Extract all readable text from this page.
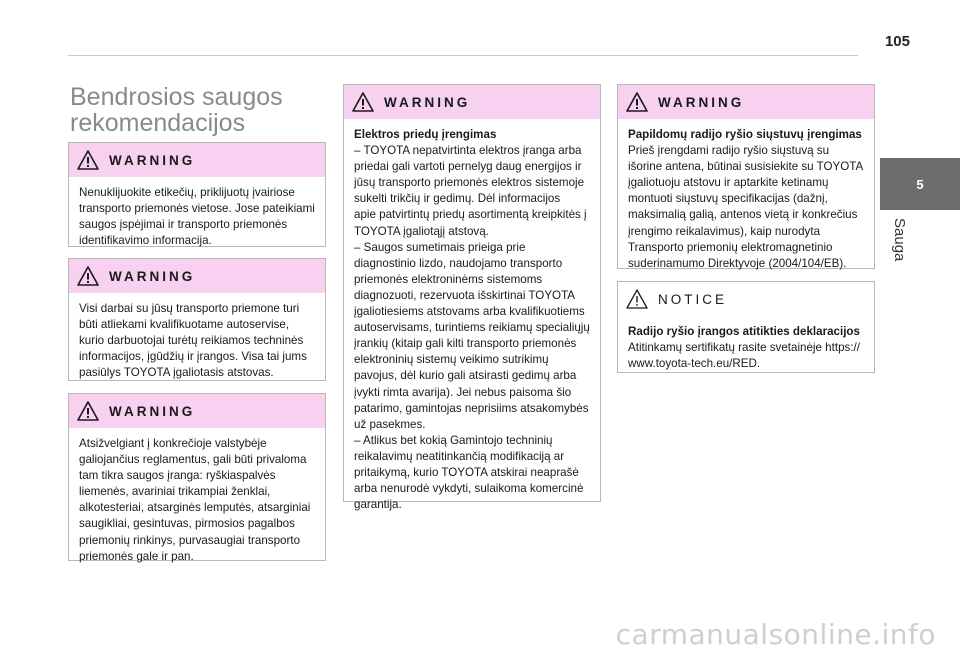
105
5
Sauga
Bendrosios saugos
rekomendacijos
WARNING

Nenuklijuokite etikečių, priklijuotų įvairiose
transporto priemonės vietose. Jose pateikiami
saugos įspėjimai ir transporto priemonės
identifikavimo informacija.

WARNING

Visi darbai su jūsų transporto priemone turi
būti atliekami kvalifikuotame autoservise,
kurio darbuotojai turėtų reikiamos techninės
informacijos, įgūdžių ir įrangos. Visa tai jums
pasiūlys TOYOTA įgaliotasis atstovas.

WARNING

Atsižvelgiant į konkrečioje valstybėje
galiojančius reglamentus, gali būti privaloma
tam tikra saugos įranga: ryškiaspalvės
liemenės, avariniai trikampiai ženklai,
alkotesteriai, atsarginės lemputės, atsarginiai
saugikliai, gesintuvas, pirmosios pagalbos
priemonių rinkinys, purvasaugiai transporto
priemonės gale ir pan.

WARNING

Elektros priedų įrengimas

– TOYOTA nepatvirtinta elektros įranga arba
priedai gali vartoti pernelyg daug energijos ir
jūsų transporto priemonės elektros sistemoje
sukelti trikčių ir gedimų. Dėl informacijos
apie patvirtintų priedų asortimentą kreipkitės į
TOYOTA įgaliotąjį atstovą.
– Saugos sumetimais prieiga prie
diagnostinio lizdo, naudojamo transporto
priemonės elektroninėms sistemoms
diagnozuoti, rezervuota išskirtinai TOYOTA
įgaliotiesiems atstovams arba kvalifikuotiems
autoservisams, turintiems reikiamų specialiųjų
įrankių (kitaip gali kilti transporto priemonės
elektroninių sistemų veikimo sutrikimų
pavojus, dėl kurio gali atsirasti gedimų arba
įvykti rimta avarija). Jei nebus paisoma šio
patarimo, gamintojas neprisiims atsakomybės
už pasekmes.
– Atlikus bet kokią Gamintojo techninių
reikalavimų neatitinkančią modifikaciją ar
pritaikymą, kurio TOYOTA atskirai neaprašė
arba nenurodė vykdyti, sulaikoma komercinė
garantija.

WARNING

Papildomų radijo ryšio siųstuvų įrengimas

Prieš įrengdami radijo ryšio siųstuvą su
išorine antena, būtinai susisiekite su TOYOTA
įgaliotuoju atstovu ir aptarkite ketinamų
montuoti siųstuvų specifikacijas (dažnį,
maksimalią galią, antenos vietą ir konkrečius
įrengimo reikalavimus), kaip nurodyta
Transporto priemonių elektromagnetinio
suderinamumo Direktyvoje (2004/104/EB).

NOTICE

Radijo ryšio įrangos atitikties deklaracijos

Atitinkamų sertifikatų rasite svetainėje https://
www.toyota-tech.eu/RED.

carmanualsonline.info
